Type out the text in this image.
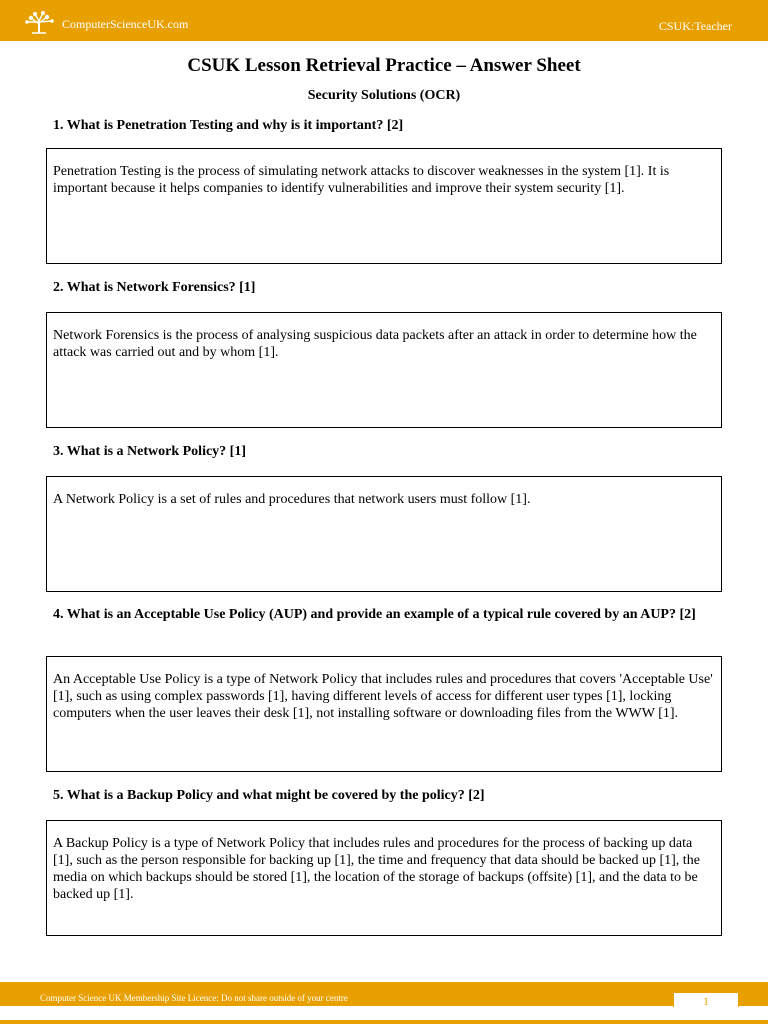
ComputerScienceUK.com	CSUK:Teacher
CSUK Lesson Retrieval Practice – Answer Sheet
Security Solutions (OCR)
1. What is Penetration Testing and why is it important? [2]
Penetration Testing is the process of simulating network attacks to discover weaknesses in the system [1]. It is important because it helps companies to identify vulnerabilities and improve their system security [1].
2. What is Network Forensics? [1]
Network Forensics is the process of analysing suspicious data packets after an attack in order to determine how the attack was carried out and by whom [1].
3. What is a Network Policy? [1]
A Network Policy is a set of rules and procedures that network users must follow [1].
4. What is an Acceptable Use Policy (AUP) and provide an example of a typical rule covered by an AUP? [2]
An Acceptable Use Policy is a type of Network Policy that includes rules and procedures that covers 'Acceptable Use' [1], such as using complex passwords [1], having different levels of access for different user types [1], locking computers when the user leaves their desk [1], not installing software or downloading files from the WWW [1].
5. What is a Backup Policy and what might be covered by the policy? [2]
A Backup Policy is a type of Network Policy that includes rules and procedures for the process of backing up data [1], such as the person responsible for backing up [1], the time and frequency that data should be backed up [1], the media on which backups should be stored [1], the location of the storage of backups (offsite) [1], and the data to be backed up [1].
Computer Science UK Membership Site Licence: Do not share outside of your centre	1
